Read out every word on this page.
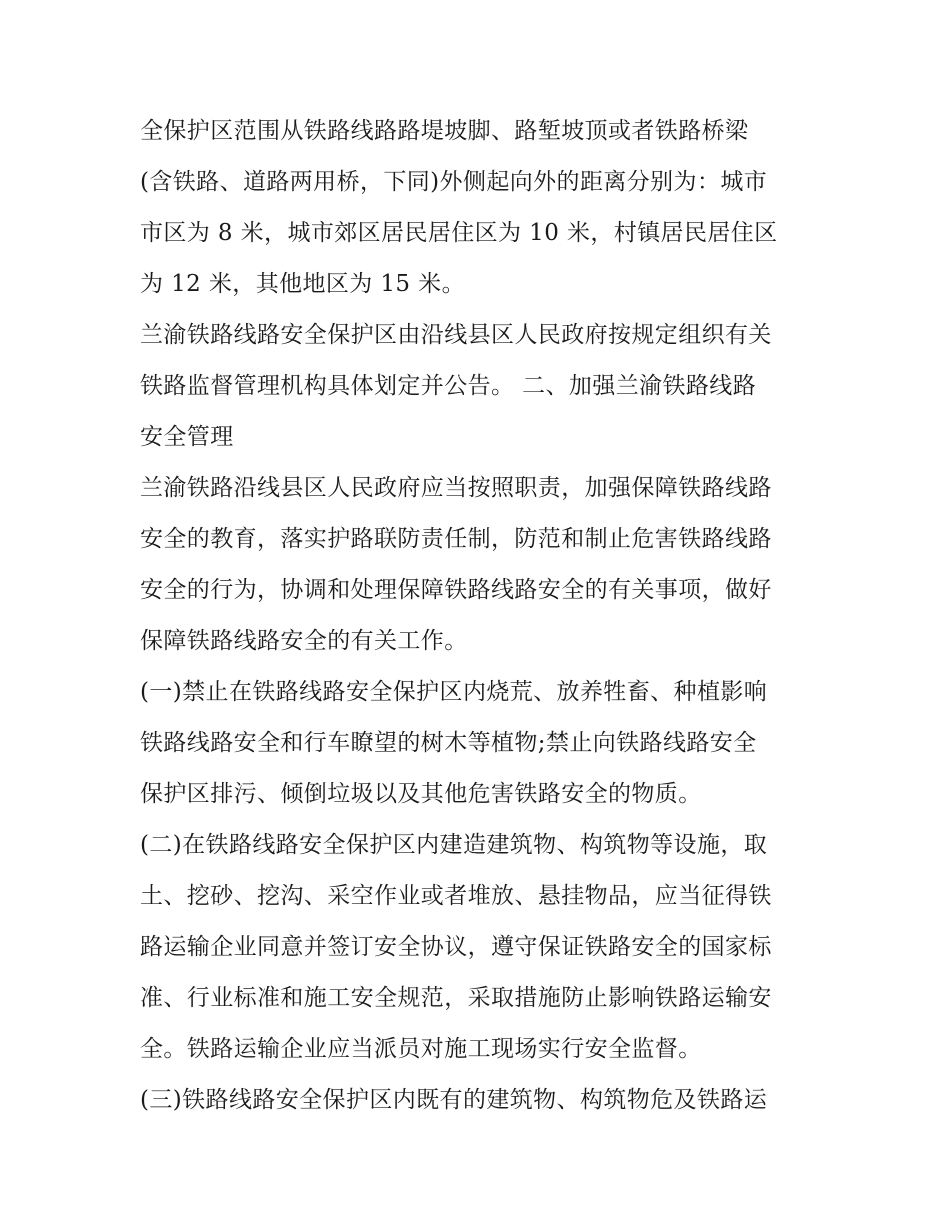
全保护区范围从铁路线路路堤坡脚、路堑坡顶或者铁路桥梁
(含铁路、道路两用桥，下同)外侧起向外的距离分别为：城市
市区为 8 米，城市郊区居民居住区为 10 米，村镇居民居住区
为 12 米，其他地区为 15 米。
兰渝铁路线路安全保护区由沿线县区人民政府按规定组织有关
铁路监督管理机构具体划定并公告。 二、加强兰渝铁路线路
安全管理
兰渝铁路沿线县区人民政府应当按照职责，加强保障铁路线路
安全的教育，落实护路联防责任制，防范和制止危害铁路线路
安全的行为，协调和处理保障铁路线路安全的有关事项，做好
保障铁路线路安全的有关工作。
(一)禁止在铁路线路安全保护区内烧荒、放养牲畜、种植影响
铁路线路安全和行车瞭望的树木等植物;禁止向铁路线路安全
保护区排污、倾倒垃圾以及其他危害铁路安全的物质。
(二)在铁路线路安全保护区内建造建筑物、构筑物等设施，取
土、挖砂、挖沟、采空作业或者堆放、悬挂物品，应当征得铁
路运输企业同意并签订安全协议，遵守保证铁路安全的国家标
准、行业标准和施工安全规范，采取措施防止影响铁路运输安
全。铁路运输企业应当派员对施工现场实行安全监督。
(三)铁路线路安全保护区内既有的建筑物、构筑物危及铁路运
